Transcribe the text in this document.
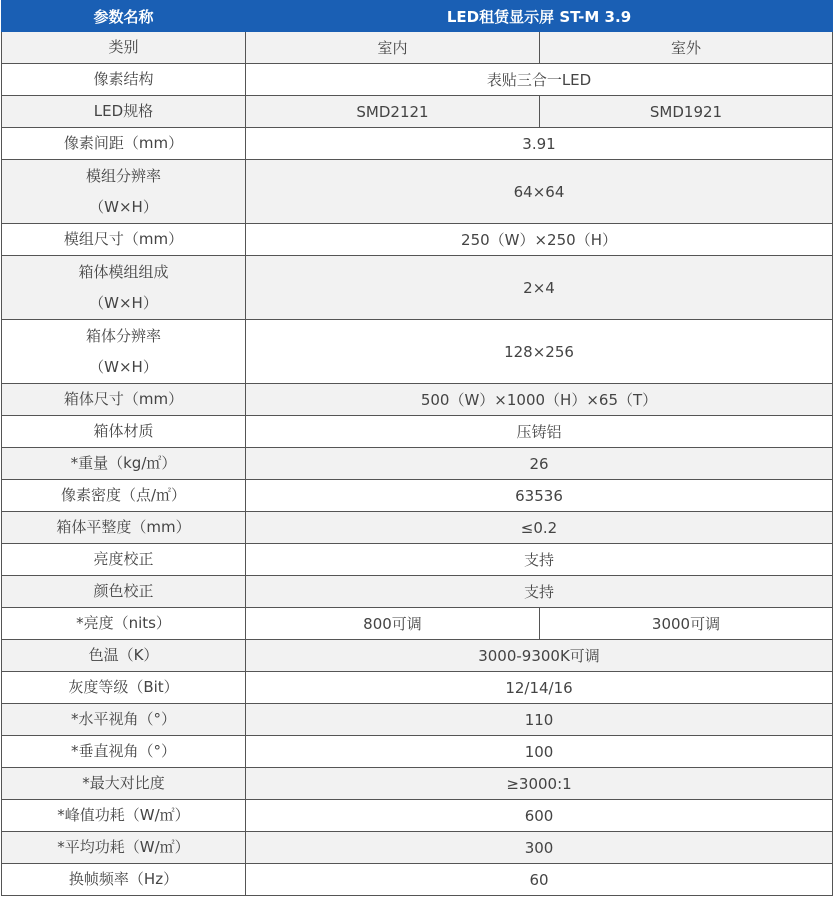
参数名称	LED租赁显示屏 ST-M 3.9	

类别	室内	室外

像素结构	表贴三合一LED	

LED规格	SMD2121	SMD1921

像素间距（mm）	3.91	

模组分辨率
（W×H）	64×64	

模组尺寸（mm）	250（W）×250（H）	

箱体模组组成
（W×H）	2×4	

箱体分辨率
（W×H）	128×256	

箱体尺寸（mm）	500（W）×1000（H）×65（T）	

箱体材质	压铸铝	

*重量（kg/㎡）	26	

像素密度（点/㎡）	63536	

箱体平整度（mm）	≤0.2	

亮度校正	支持	

颜色校正	支持	

*亮度（nits）	800可调	3000可调

色温（K）	3000-9300K可调	

灰度等级（Bit）	12/14/16	

*水平视角（°）	110	

*垂直视角（°）	100	

*最大对比度	≥3000:1	

*峰值功耗（W/㎡）	600	

*平均功耗（W/㎡）	300	

换帧频率（Hz）	60	
